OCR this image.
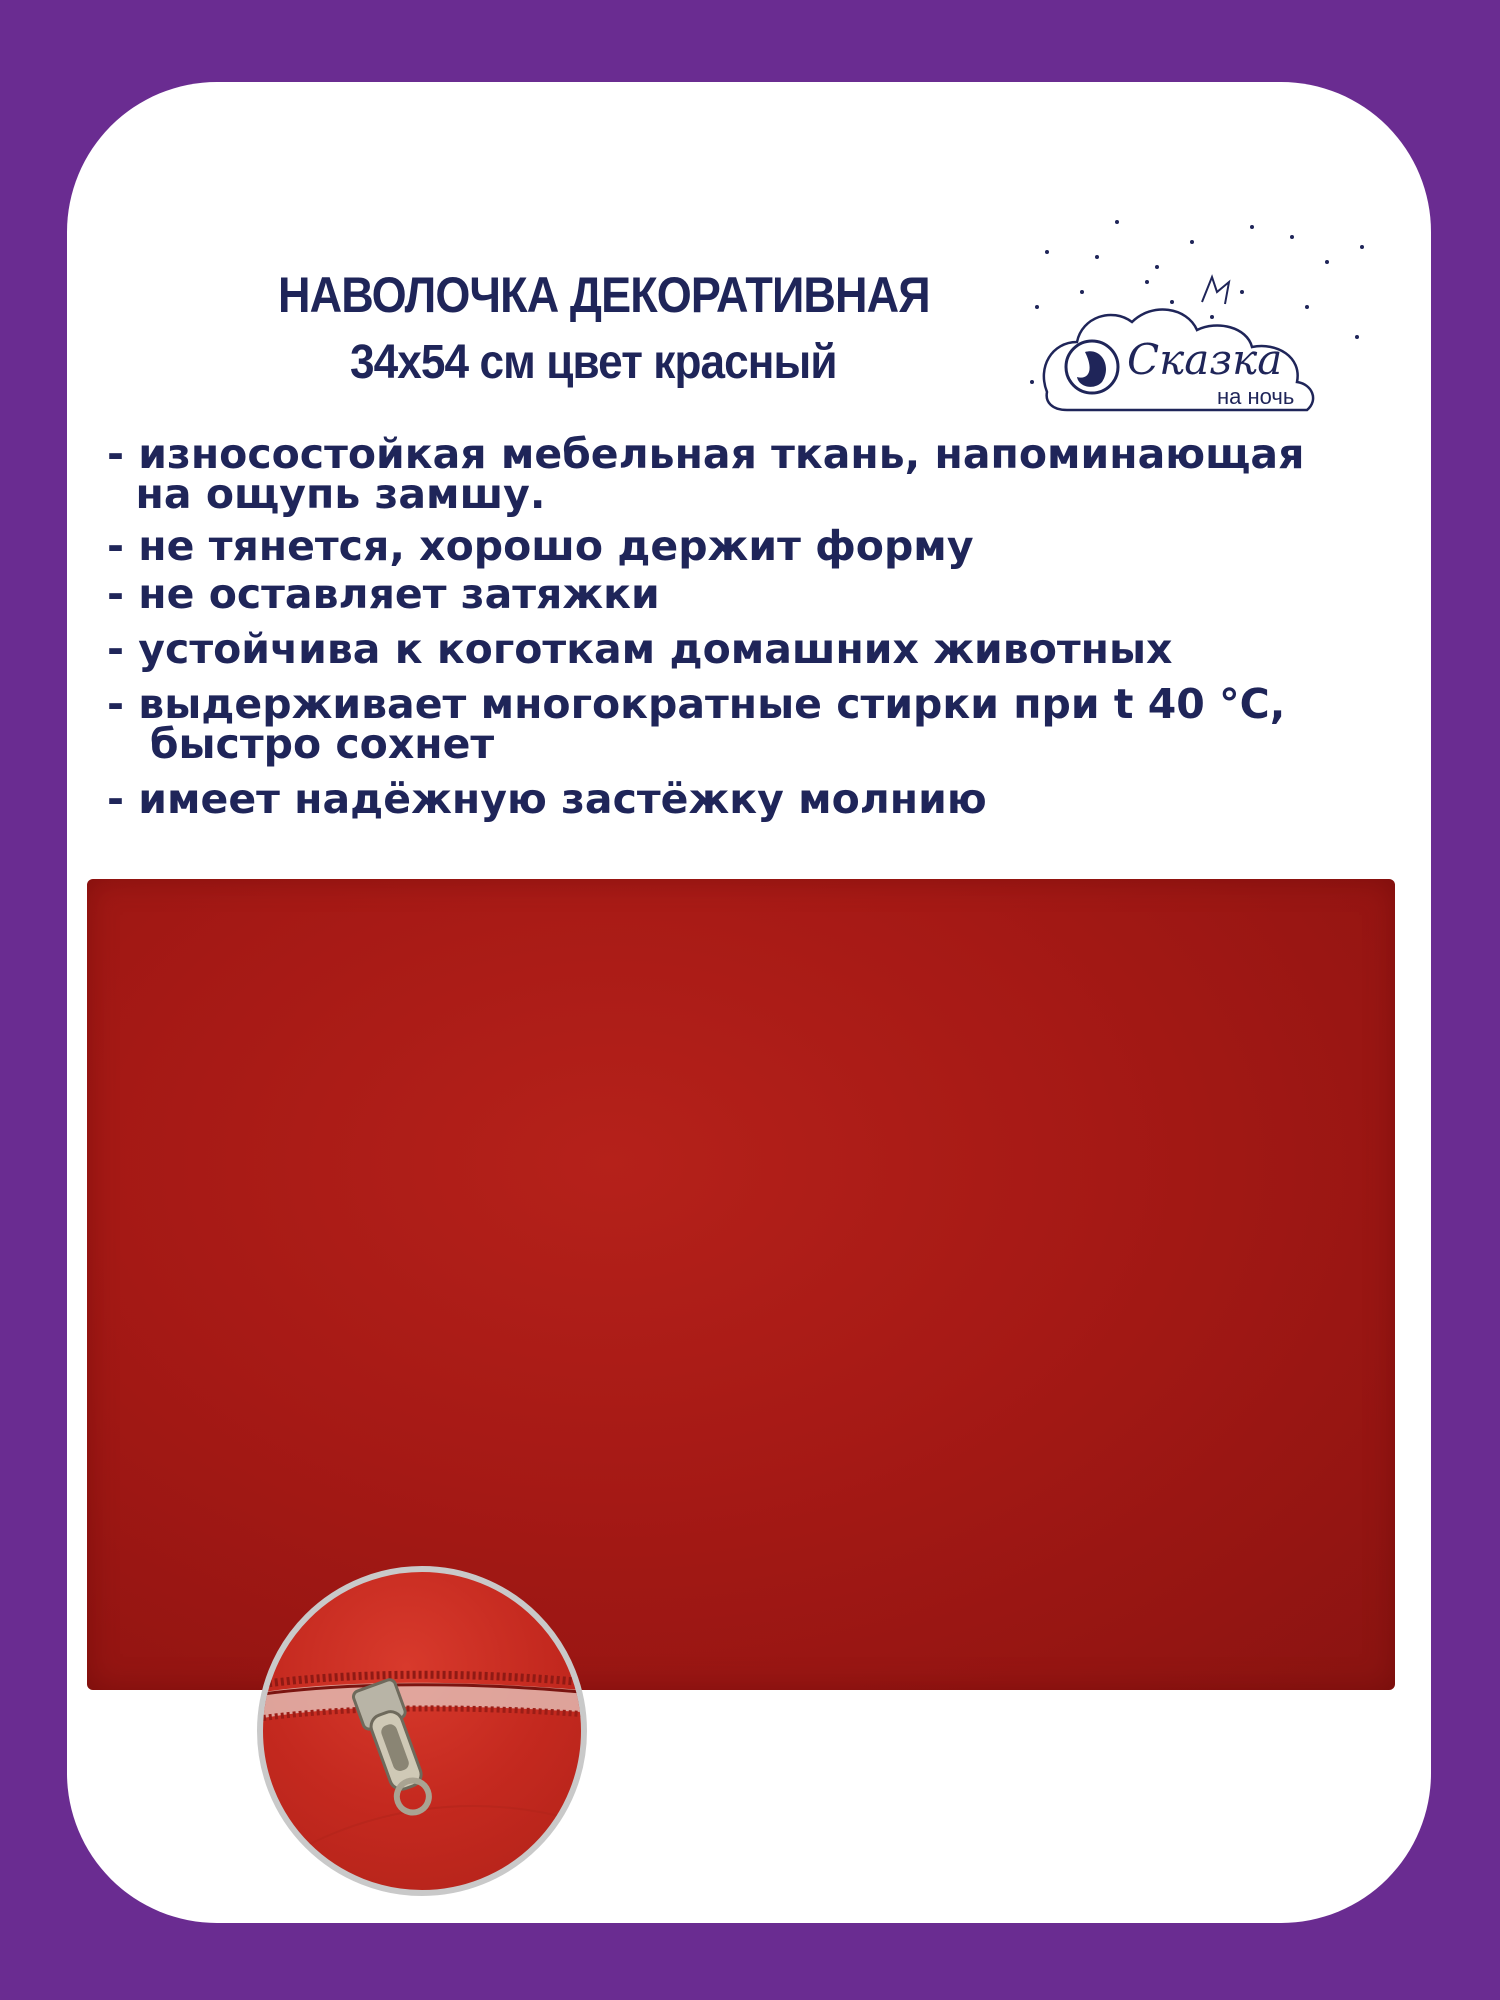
НАВОЛОЧКА ДЕКОРАТИВНАЯ
34x54 см цвет красный	Сказка
на ночь
- износостойкая мебельная ткань, напоминающая
на ощупь замшу.
- не тянется, хорошо держит форму
- не оставляет затяжки
- устойчива к коготкам домашних животных
- выдерживает многократные стирки при t 40 °С,
быстро сохнет
- имеет надёжную застёжку молнию
